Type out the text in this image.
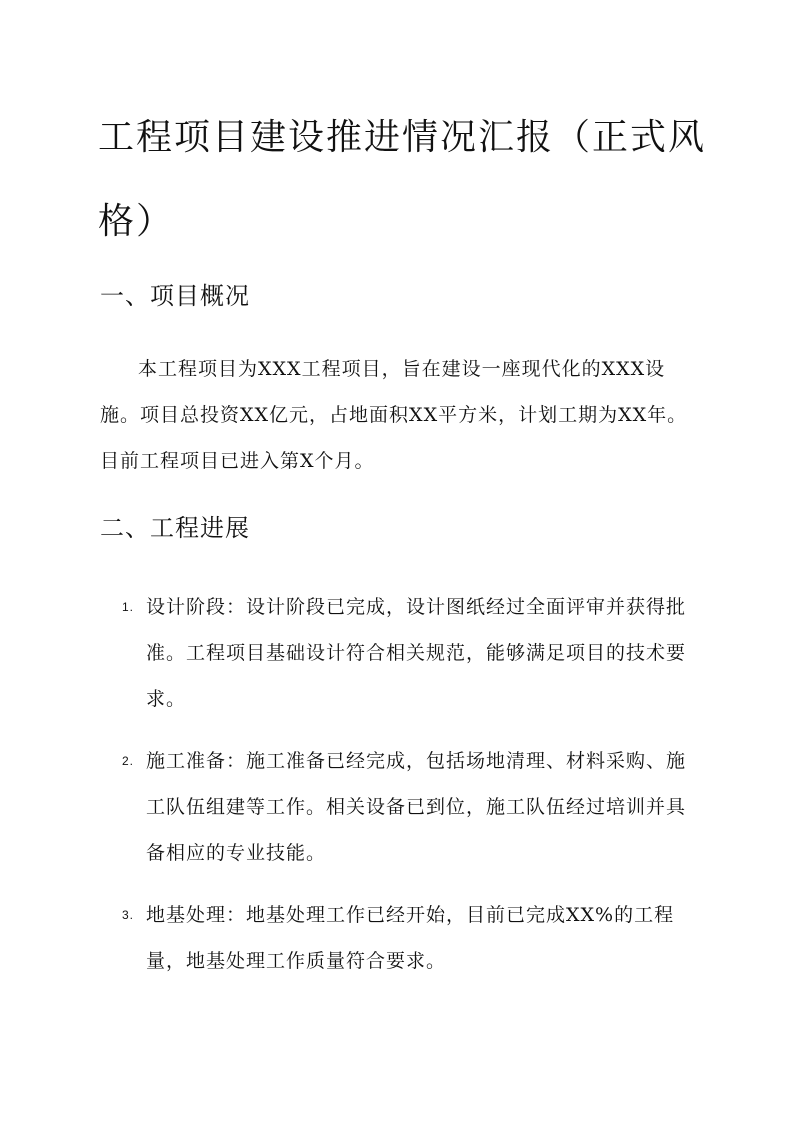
工程项目建设推进情况汇报（正式风格）
一、项目概况

本工程项目为XXX工程项目，旨在建设一座现代化的XXX设施。项目总投资XX亿元，占地面积XX平方米，计划工期为XX年。目前工程项目已进入第X个月。

二、工程进展
1. 设计阶段：设计阶段已完成，设计图纸经过全面评审并获得批准。工程项目基础设计符合相关规范，能够满足项目的技术要求。
2. 施工准备：施工准备已经完成，包括场地清理、材料采购、施工队伍组建等工作。相关设备已到位，施工队伍经过培训并具备相应的专业技能。
3. 地基处理：地基处理工作已经开始，目前已完成XX%的工程量，地基处理工作质量符合要求。
